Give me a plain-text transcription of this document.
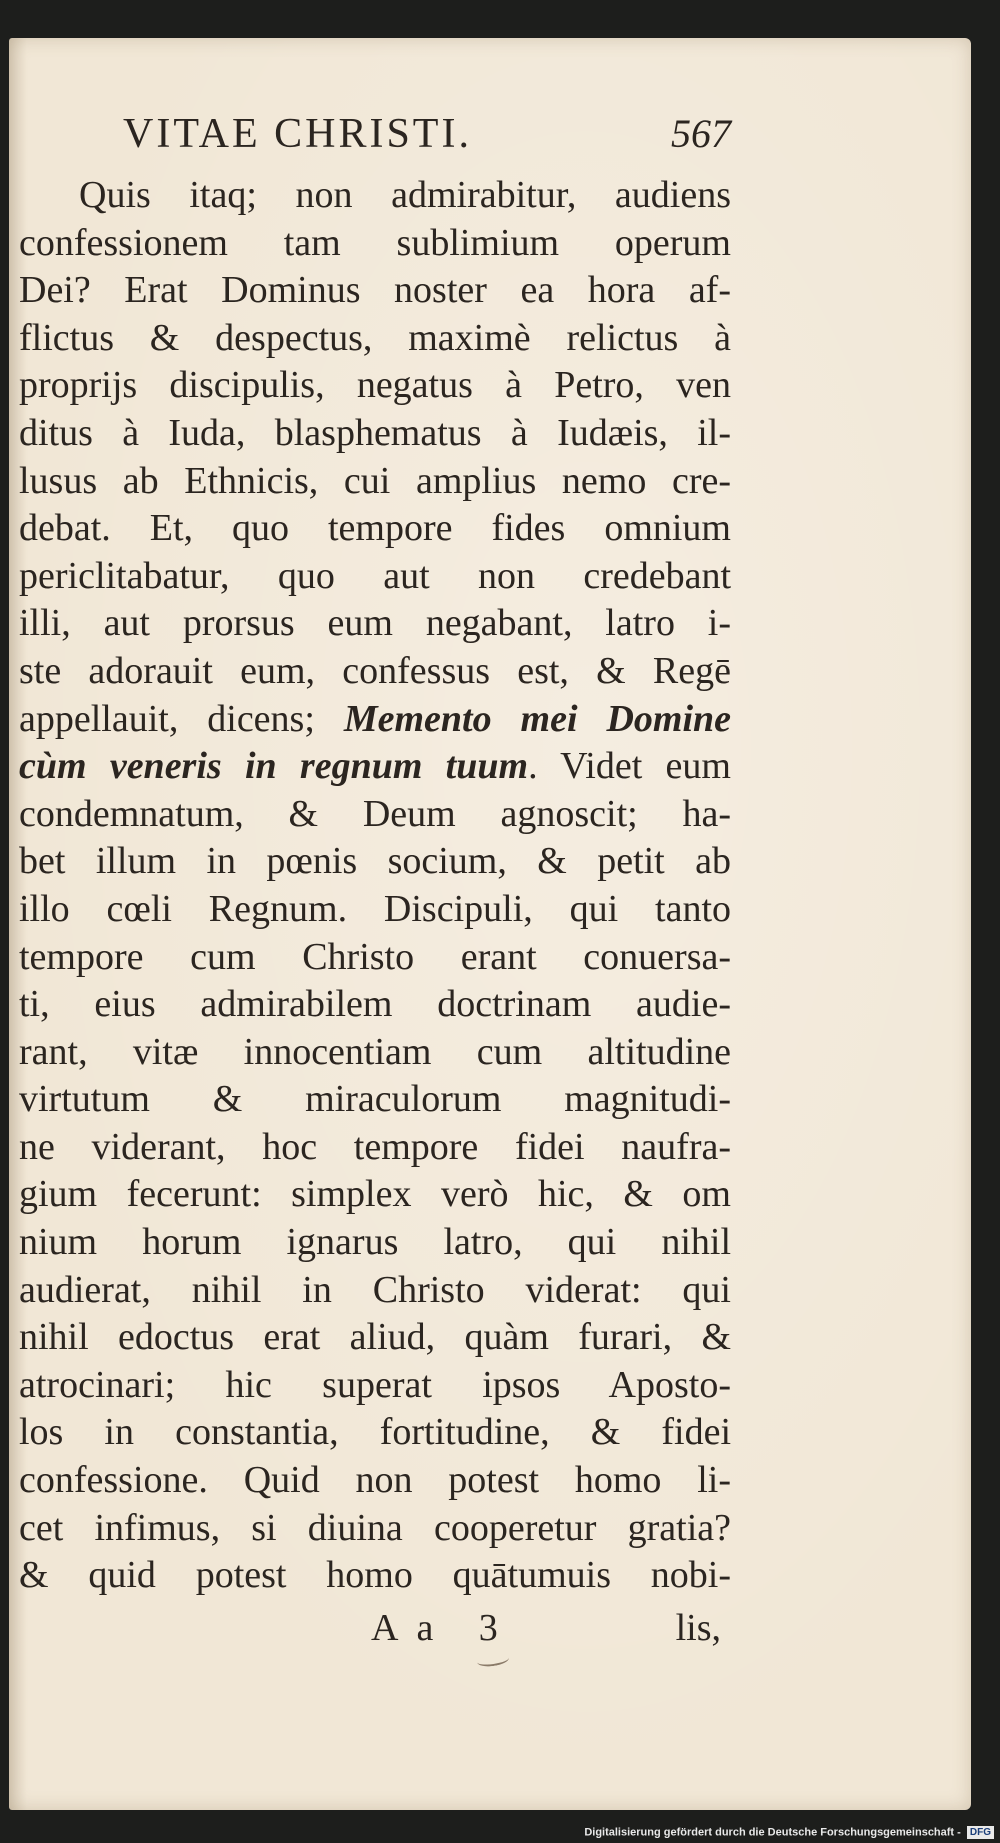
VITAE CHRISTI.	567
Quis itaq; non admirabitur, audiens
confessionem tam sublimium operum
Dei? Erat Dominus noster ea hora af-
flictus & despectus, maximè relictus à
proprijs discipulis, negatus à Petro, ven
ditus à Iuda, blasphematus à Iudæis, il-
lusus ab Ethnicis, cui amplius nemo cre-
debat. Et, quo tempore fides omnium
periclitabatur, quo aut non credebant
illi, aut prorsus eum negabant, latro i-
ste adorauit eum, confessus est, & Regē
appellauit, dicens; Memento mei Domine
cùm veneris in regnum tuum. Videt eum
condemnatum, & Deum agnoscit; ha-
bet illum in pœnis socium, & petit ab
illo cœli Regnum. Discipuli, qui tanto
tempore cum Christo erant conuersa-
ti, eius admirabilem doctrinam audie-
rant, vitæ innocentiam cum altitudine
virtutum & miraculorum magnitudi-
ne viderant, hoc tempore fidei naufra-
gium fecerunt: simplex verò hic, & om
nium horum ignarus latro, qui nihil
audierat, nihil in Christo viderat: qui
nihil edoctus erat aliud, quàm furari, &
atrocinari; hic superat ipsos Aposto-
los in constantia, fortitudine, & fidei
confessione. Quid non potest homo li-
cet infimus, si diuina cooperetur gratia?
& quid potest homo quātumuis nobi-
Aa 3	lis,
Digitalisierung gefördert durch die Deutsche Forschungsgemeinschaft - DFG
